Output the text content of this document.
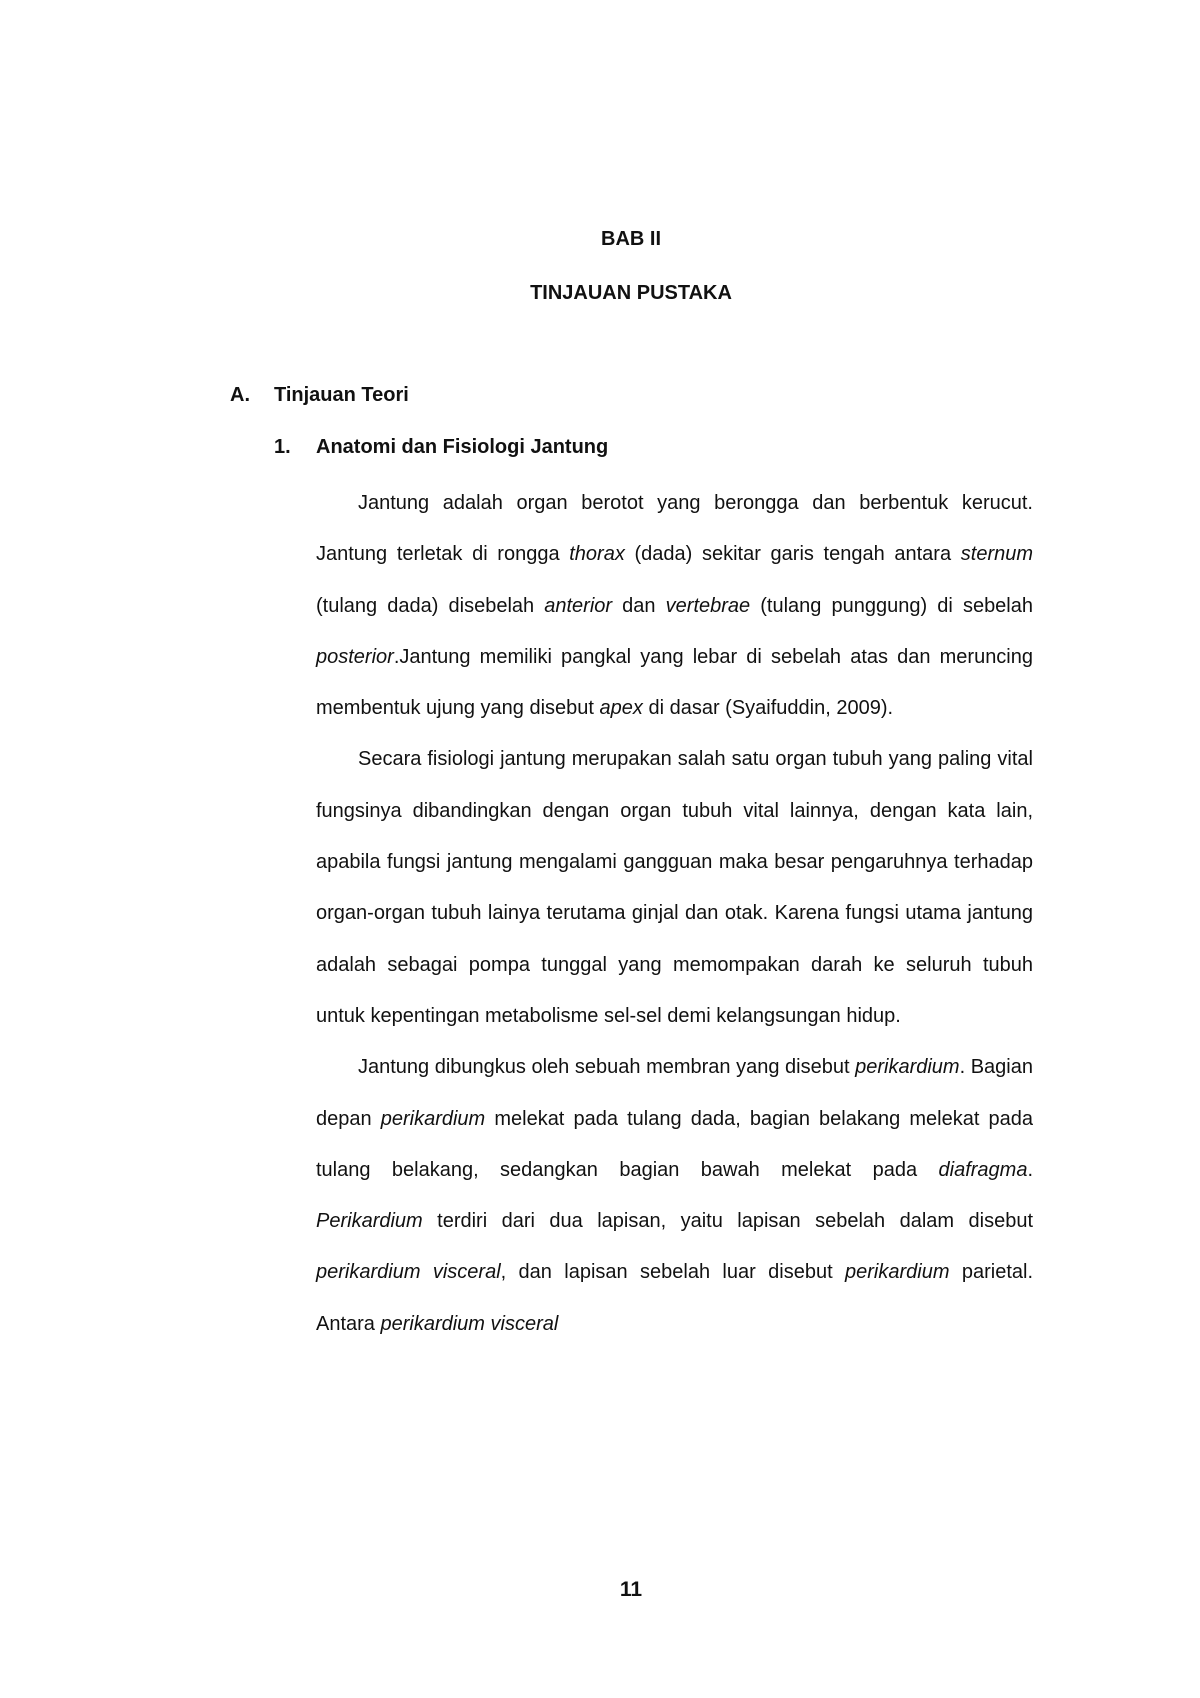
BAB II
TINJAUAN PUSTAKA
A. Tinjauan Teori
1. Anatomi dan Fisiologi Jantung

Jantung adalah organ berotot yang berongga dan berbentuk kerucut. Jantung terletak di rongga thorax (dada) sekitar garis tengah antara sternum (tulang dada) disebelah anterior dan vertebrae (tulang punggung) di sebelah posterior.Jantung memiliki pangkal yang lebar di sebelah atas dan meruncing membentuk ujung yang disebut apex di dasar (Syaifuddin, 2009).

Secara fisiologi jantung merupakan salah satu organ tubuh yang paling vital fungsinya dibandingkan dengan organ tubuh vital lainnya, dengan kata lain, apabila fungsi jantung mengalami gangguan maka besar pengaruhnya terhadap organ-organ tubuh lainya terutama ginjal dan otak. Karena fungsi utama jantung adalah sebagai pompa tunggal yang memompakan darah ke seluruh tubuh untuk kepentingan metabolisme sel-sel demi kelangsungan hidup.

Jantung dibungkus oleh sebuah membran yang disebut perikardium. Bagian depan perikardium melekat pada tulang dada, bagian belakang melekat pada tulang belakang, sedangkan bagian bawah melekat pada diafragma. Perikardium terdiri dari dua lapisan, yaitu lapisan sebelah dalam disebut perikardium visceral, dan lapisan sebelah luar disebut perikardium parietal. Antara perikardium visceral

11
